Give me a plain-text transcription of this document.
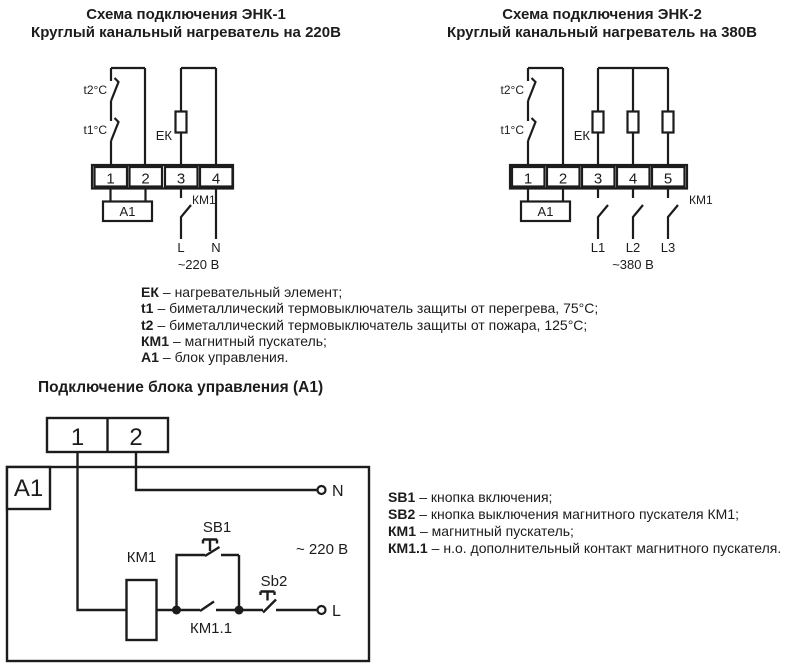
Схема подключения ЭНК-1
Круглый канальный нагреватель на 220В
Схема подключения ЭНК-2
Круглый канальный нагреватель на 380В
t2°C
t1°C	ЕК
1 2 3 4
А1
КМ1
L N
~220 В
t2°C
t1°C	ЕК
1 2 3 4 5
А1
КМ1
L1 L2 L3
~380 В
ЕК – нагревательный элемент;
t1 – биметаллический термовыключатель защиты от перегрева, 75°С;
t2 – биметаллический термовыключатель защиты от пожара, 125°С;
КМ1 – магнитный пускатель;
А1 – блок управления.
Подключение блока управления (А1)
1 2
А1
КМ1
SB1
Sb2
КМ1.1
N
L
~ 220 В
SB1 – кнопка включения;
SB2 – кнопка выключения магнитного пускателя КМ1;
КМ1 – магнитный пускатель;
КМ1.1 – н.о. дополнительный контакт магнитного пускателя.
